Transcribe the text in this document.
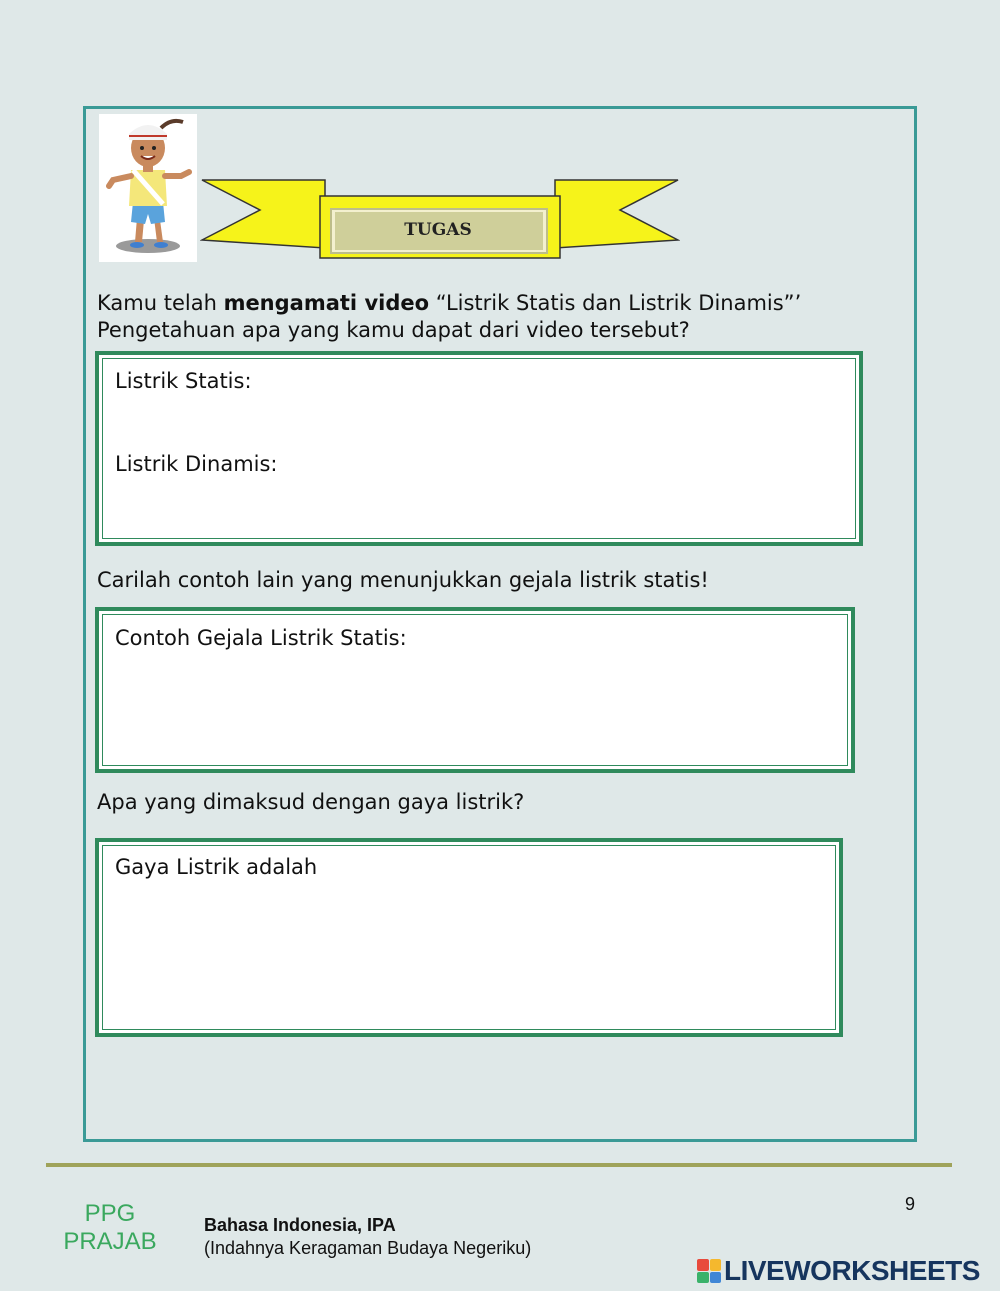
TUGAS
Kamu telah mengamati video “Listrik Statis dan Listrik Dinamis”’
Pengetahuan apa yang kamu dapat dari video tersebut?
Listrik Statis:
Listrik Dinamis:
Carilah contoh lain yang menunjukkan gejala listrik statis!
Contoh Gejala Listrik Statis:
Apa yang dimaksud dengan gaya listrik?
Gaya Listrik adalah
PPG
PRAJAB
Bahasa Indonesia, IPA
(Indahnya Keragaman Budaya Negeriku)
9
LIVEWORKSHEETS
